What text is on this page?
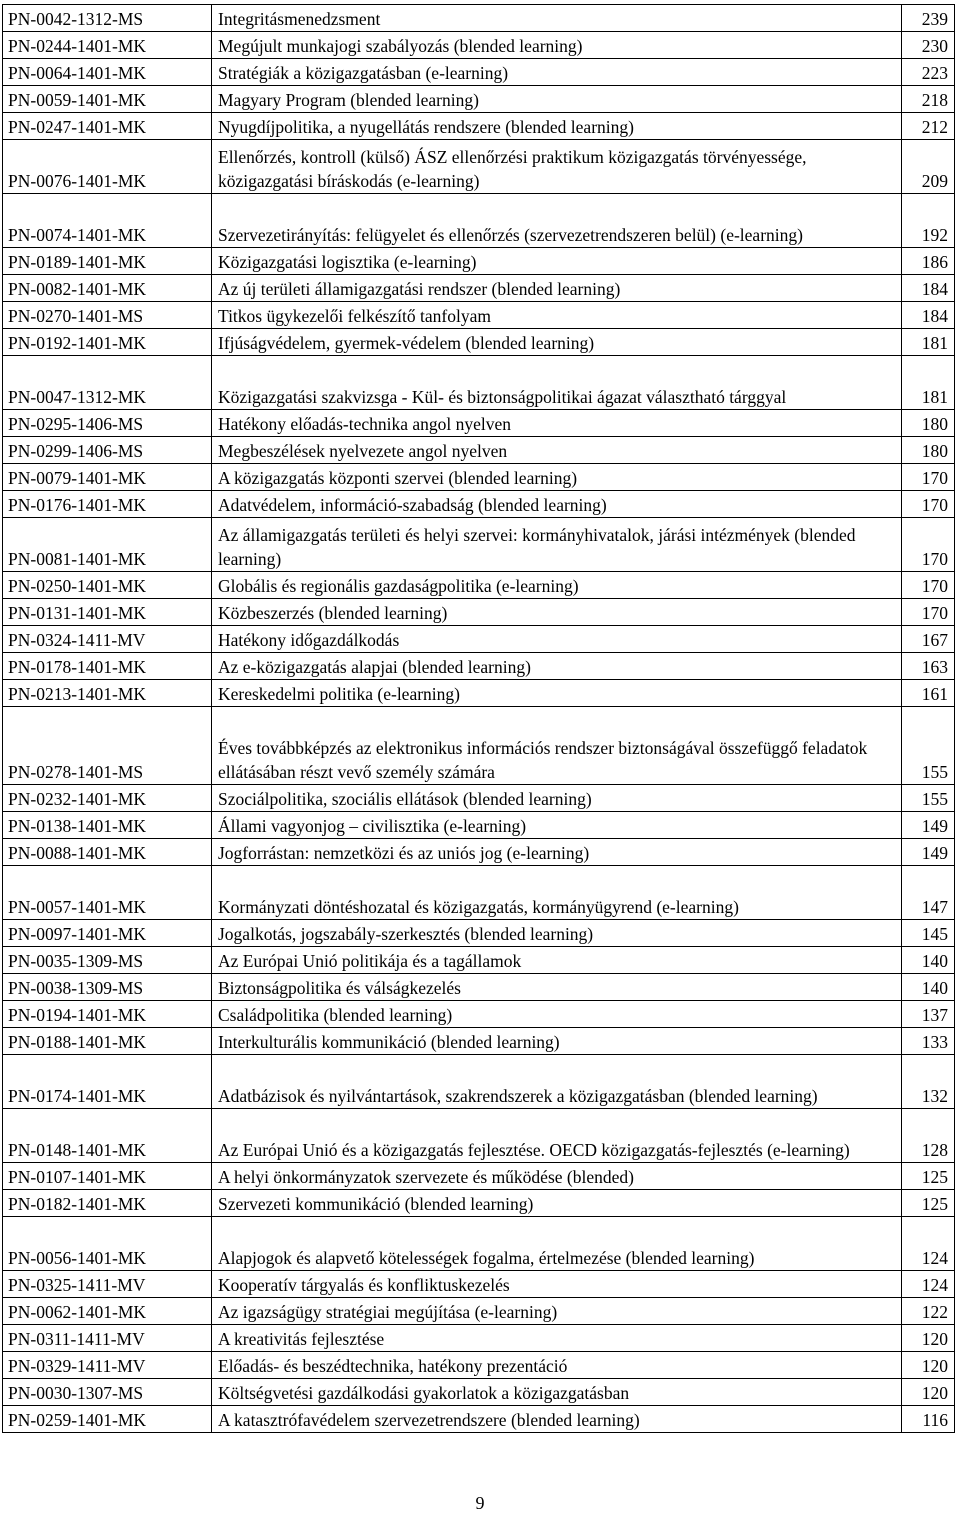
PN-0042-1312-MS	Integritásmenedzsment	239
PN-0244-1401-MK	Megújult munkajogi szabályozás (blended learning)	230
PN-0064-1401-MK	Stratégiák a közigazgatásban (e-learning)	223
PN-0059-1401-MK	Magyary Program (blended learning)	218
PN-0247-1401-MK	Nyugdíjpolitika, a nyugellátás rendszere (blended learning)	212
PN-0076-1401-MK	Ellenőrzés, kontroll (külső) ÁSZ ellenőrzési praktikum közigazgatás törvényessége, közigazgatási bíráskodás (e-learning)	209
PN-0074-1401-MK	Szervezetirányítás: felügyelet és ellenőrzés (szervezetrendszeren belül) (e-learning)	192
PN-0189-1401-MK	Közigazgatási logisztika (e-learning)	186
PN-0082-1401-MK	Az új területi államigazgatási rendszer (blended learning)	184
PN-0270-1401-MS	Titkos ügykezelői felkészítő tanfolyam	184
PN-0192-1401-MK	Ifjúságvédelem, gyermek-védelem (blended learning)	181
PN-0047-1312-MK	Közigazgatási szakvizsga - Kül- és biztonságpolitikai ágazat választható tárggyal	181
PN-0295-1406-MS	Hatékony előadás-technika angol nyelven	180
PN-0299-1406-MS	Megbeszélések nyelvezete angol nyelven	180
PN-0079-1401-MK	A közigazgatás központi szervei (blended learning)	170
PN-0176-1401-MK	Adatvédelem, információ-szabadság (blended learning)	170
PN-0081-1401-MK	Az államigazgatás területi és helyi szervei: kormányhivatalok, járási intézmények (blended learning)	170
PN-0250-1401-MK	Globális és regionális gazdaságpolitika (e-learning)	170
PN-0131-1401-MK	Közbeszerzés (blended learning)	170
PN-0324-1411-MV	Hatékony időgazdálkodás	167
PN-0178-1401-MK	Az e-közigazgatás alapjai (blended learning)	163
PN-0213-1401-MK	Kereskedelmi politika (e-learning)	161
PN-0278-1401-MS	Éves továbbképzés az elektronikus információs rendszer biztonságával összefüggő feladatok ellátásában részt vevő személy számára	155
PN-0232-1401-MK	Szociálpolitika, szociális ellátások (blended learning)	155
PN-0138-1401-MK	Állami vagyonjog – civilisztika (e-learning)	149
PN-0088-1401-MK	Jogforrástan: nemzetközi és az uniós jog (e-learning)	149
PN-0057-1401-MK	Kormányzati döntéshozatal és közigazgatás, kormányügyrend (e-learning)	147
PN-0097-1401-MK	Jogalkotás, jogszabály-szerkesztés (blended learning)	145
PN-0035-1309-MS	Az Európai Unió politikája és a tagállamok	140
PN-0038-1309-MS	Biztonságpolitika és válságkezelés	140
PN-0194-1401-MK	Családpolitika (blended learning)	137
PN-0188-1401-MK	Interkulturális kommunikáció (blended learning)	133
PN-0174-1401-MK	Adatbázisok és nyilvántartások, szakrendszerek a közigazgatásban (blended learning)	132
PN-0148-1401-MK	Az Európai Unió és a közigazgatás fejlesztése. OECD közigazgatás-fejlesztés (e-learning)	128
PN-0107-1401-MK	A helyi önkormányzatok szervezete és működése (blended)	125
PN-0182-1401-MK	Szervezeti kommunikáció (blended learning)	125
PN-0056-1401-MK	Alapjogok és alapvető kötelességek fogalma, értelmezése (blended learning)	124
PN-0325-1411-MV	Kooperatív tárgyalás és konfliktuskezelés	124
PN-0062-1401-MK	Az igazságügy stratégiai megújítása (e-learning)	122
PN-0311-1411-MV	A kreativitás fejlesztése	120
PN-0329-1411-MV	Előadás- és beszédtechnika, hatékony prezentáció	120
PN-0030-1307-MS	Költségvetési gazdálkodási gyakorlatok a közigazgatásban	120
PN-0259-1401-MK	A katasztrófavédelem szervezetrendszere (blended learning)	116
9
